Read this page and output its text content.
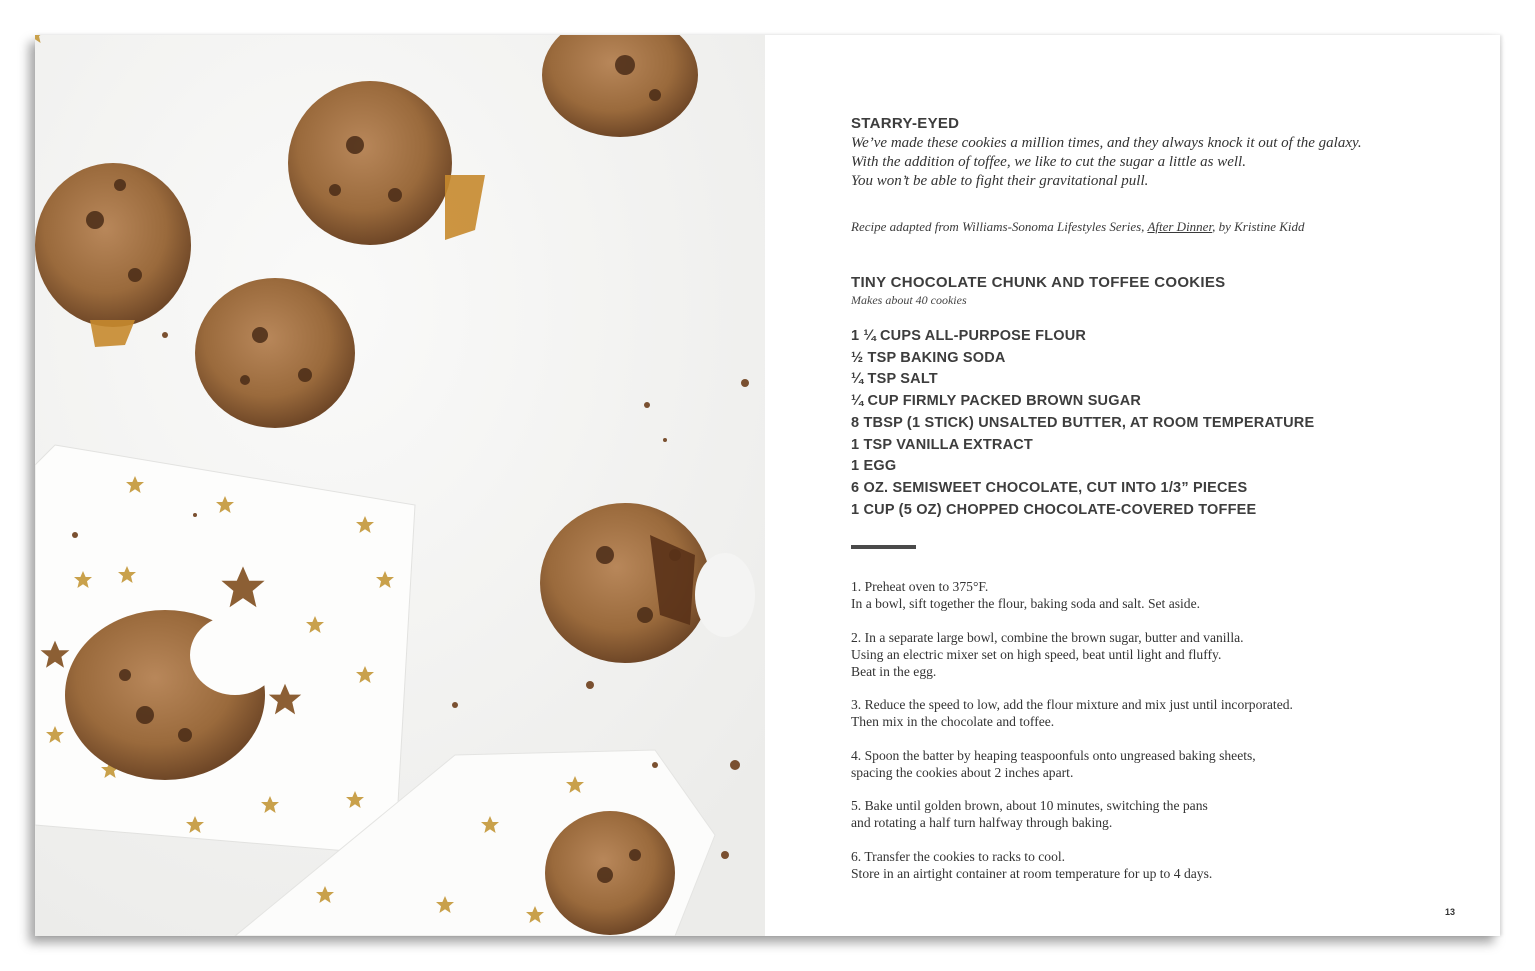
STARRY-EYED
We’ve made these cookies a million times, and they always knock it out of the galaxy.
With the addition of toffee, we like to cut the sugar a little as well.
You won’t be able to fight their gravitational pull.
Recipe adapted from Williams-Sonoma Lifestyles Series, After Dinner, by Kristine Kidd
TINY CHOCOLATE CHUNK AND TOFFEE COOKIES
Makes about 40 cookies
1 ¼ CUPS ALL-PURPOSE FLOUR
½ TSP BAKING SODA
¼ TSP SALT
¼ CUP FIRMLY PACKED BROWN SUGAR
8 TBSP (1 STICK) UNSALTED BUTTER, AT ROOM TEMPERATURE
1 TSP VANILLA EXTRACT
1 EGG
6 OZ. SEMISWEET CHOCOLATE, CUT INTO 1/3” PIECES
1 CUP (5 OZ) CHOPPED CHOCOLATE-COVERED TOFFEE
1. Preheat oven to 375°F.
In a bowl, sift together the flour, baking soda and salt. Set aside.
2. In a separate large bowl, combine the brown sugar, butter and vanilla.
Using an electric mixer set on high speed, beat until light and fluffy.
Beat in the egg.
3. Reduce the speed to low, add the flour mixture and mix just until incorporated.
Then mix in the chocolate and toffee.
4. Spoon the batter by heaping teaspoonfuls onto ungreased baking sheets,
spacing the cookies about 2 inches apart.
5. Bake until golden brown, about 10 minutes, switching the pans
and rotating a half turn halfway through baking.
6. Transfer the cookies to racks to cool.
Store in an airtight container at room temperature for up to 4 days.
13
